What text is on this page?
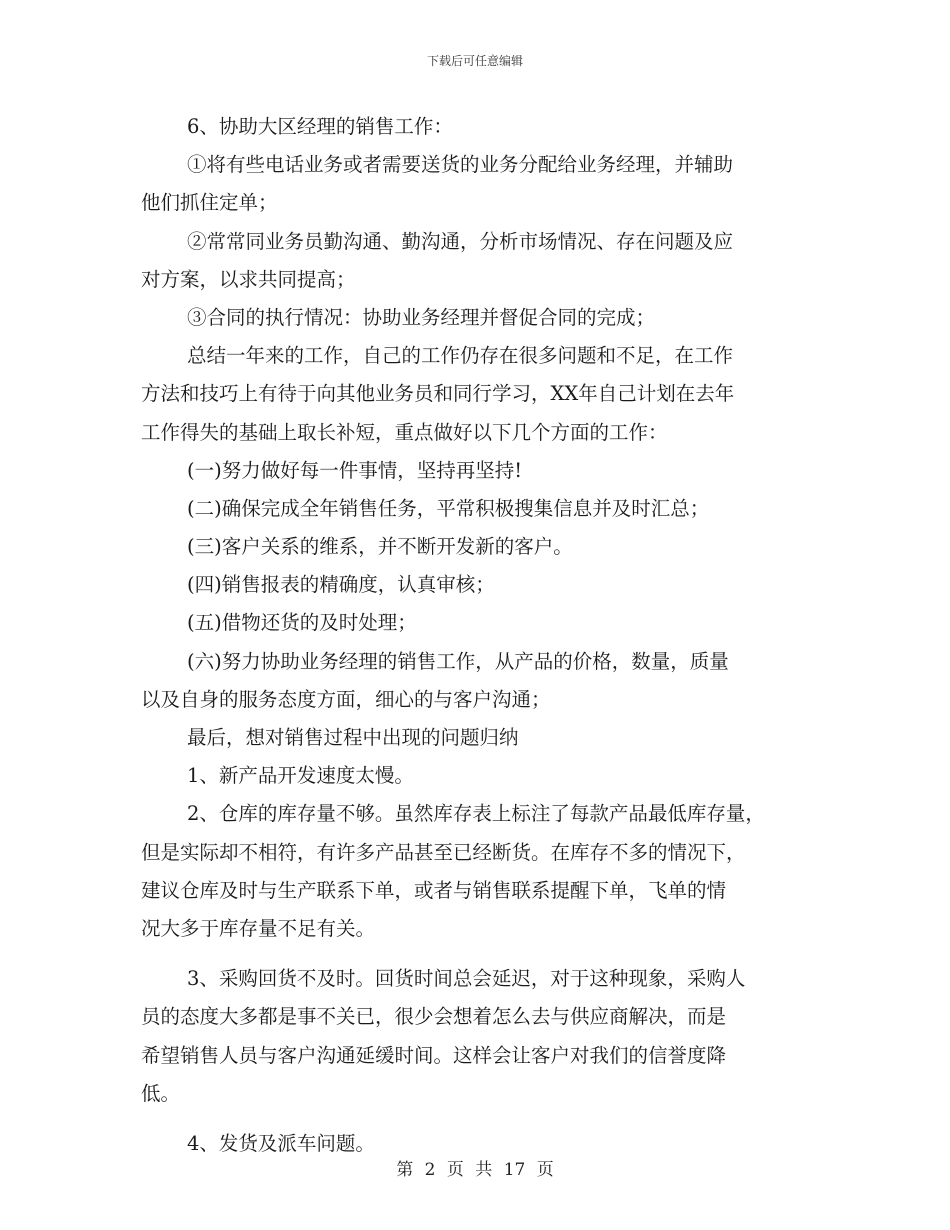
下载后可任意编辑
6、协助大区经理的销售工作：
①将有些电话业务或者需要送货的业务分配给业务经理，并辅助
他们抓住定单；
②常常同业务员勤沟通、勤沟通，分析市场情况、存在问题及应
对方案，以求共同提高；
③合同的执行情况：协助业务经理并督促合同的完成；
总结一年来的工作，自己的工作仍存在很多问题和不足，在工作
方法和技巧上有待于向其他业务员和同行学习，XX年自己计划在去年
工作得失的基础上取长补短，重点做好以下几个方面的工作：
(一)努力做好每一件事情，坚持再坚持!
(二)确保完成全年销售任务，平常积极搜集信息并及时汇总；
(三)客户关系的维系，并不断开发新的客户。
(四)销售报表的精确度，认真审核；
(五)借物还货的及时处理；
(六)努力协助业务经理的销售工作，从产品的价格，数量，质量
以及自身的服务态度方面，细心的与客户沟通；
最后，想对销售过程中出现的问题归纳
1、新产品开发速度太慢。
2、仓库的库存量不够。虽然库存表上标注了每款产品最低库存量，
但是实际却不相符，有许多产品甚至已经断货。在库存不多的情况下，
建议仓库及时与生产联系下单，或者与销售联系提醒下单，飞单的情
况大多于库存量不足有关。
3、采购回货不及时。回货时间总会延迟，对于这种现象，采购人
员的态度大多都是事不关已，很少会想着怎么去与供应商解决，而是
希望销售人员与客户沟通延缓时间。这样会让客户对我们的信誉度降
低。
4、发货及派车问题。
第 2 页 共 17 页
